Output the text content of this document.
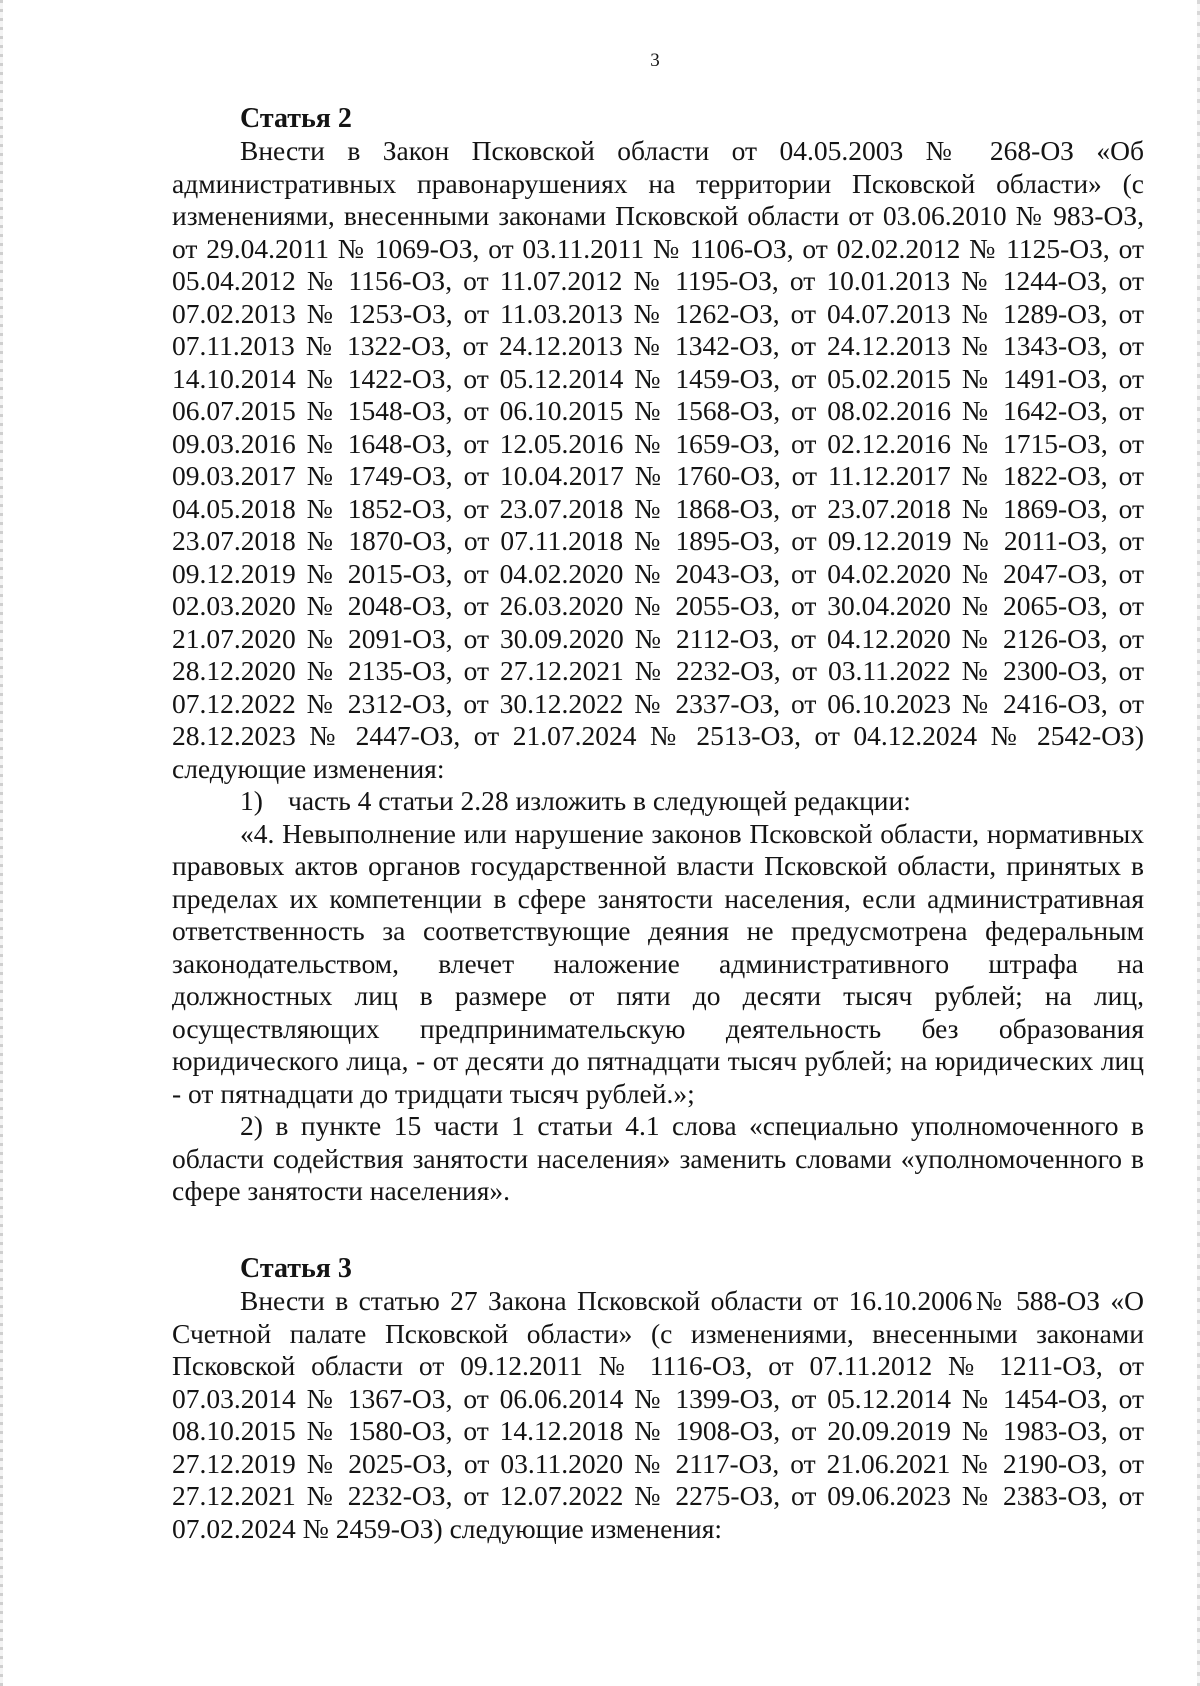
3
Статья 2

Внести в Закон Псковской области от 04.05.2003 № 268-ОЗ «Об административных правонарушениях на территории Псковской области» (с изменениями, внесенными законами Псковской области от 03.06.2010 № 983-ОЗ, от 29.04.2011 № 1069-ОЗ, от 03.11.2011 № 1106-ОЗ, от 02.02.2012 № 1125-ОЗ, от 05.04.2012 № 1156-ОЗ, от 11.07.2012 № 1195-ОЗ, от 10.01.2013 № 1244-ОЗ, от 07.02.2013 № 1253-ОЗ, от 11.03.2013 № 1262-ОЗ, от 04.07.2013 № 1289-ОЗ, от 07.11.2013 № 1322-ОЗ, от 24.12.2013 № 1342-ОЗ, от 24.12.2013 № 1343-ОЗ, от 14.10.2014 № 1422-ОЗ, от 05.12.2014 № 1459-ОЗ, от 05.02.2015 № 1491-ОЗ, от 06.07.2015 № 1548-ОЗ, от 06.10.2015 № 1568-ОЗ, от 08.02.2016 № 1642-ОЗ, от 09.03.2016 № 1648-ОЗ, от 12.05.2016 № 1659-ОЗ, от 02.12.2016 № 1715-ОЗ, от 09.03.2017 № 1749-ОЗ, от 10.04.2017 № 1760-ОЗ, от 11.12.2017 № 1822-ОЗ, от 04.05.2018 № 1852-ОЗ, от 23.07.2018 № 1868-ОЗ, от 23.07.2018 № 1869-ОЗ, от 23.07.2018 № 1870-ОЗ, от 07.11.2018 № 1895-ОЗ, от 09.12.2019 № 2011-ОЗ, от 09.12.2019 № 2015-ОЗ, от 04.02.2020 № 2043-ОЗ, от 04.02.2020 № 2047-ОЗ, от 02.03.2020 № 2048-ОЗ, от 26.03.2020 № 2055-ОЗ, от 30.04.2020 № 2065-ОЗ, от 21.07.2020 № 2091-ОЗ, от 30.09.2020 № 2112-ОЗ, от 04.12.2020 № 2126-ОЗ, от 28.12.2020 № 2135-ОЗ, от 27.12.2021 № 2232-ОЗ, от 03.11.2022 № 2300-ОЗ, от 07.12.2022 № 2312-ОЗ, от 30.12.2022 № 2337-ОЗ, от 06.10.2023 № 2416-ОЗ, от 28.12.2023 № 2447-ОЗ, от 21.07.2024 № 2513-ОЗ, от 04.12.2024 № 2542-ОЗ) следующие изменения:

1) часть 4 статьи 2.28 изложить в следующей редакции:

«4. Невыполнение или нарушение законов Псковской области, нормативных правовых актов органов государственной власти Псковской области, принятых в пределах их компетенции в сфере занятости населения, если административная ответственность за соответствующие деяния не предусмотрена федеральным законодательством, влечет наложение административного штрафа на должностных лиц в размере от пяти до десяти тысяч рублей; на лиц, осуществляющих предпринимательскую деятельность без образования юридического лица, - от десяти до пятнадцати тысяч рублей; на юридических лиц - от пятнадцати до тридцати тысяч рублей.»;

2) в пункте 15 части 1 статьи 4.1 слова «специально уполномоченного в области содействия занятости населения» заменить словами «уполномоченного в сфере занятости населения».

Статья 3

Внести в статью 27 Закона Псковской области от 16.10.2006№ 588-ОЗ «О Счетной палате Псковской области» (с изменениями, внесенными законами Псковской области от 09.12.2011 № 1116-ОЗ, от 07.11.2012 № 1211-ОЗ, от 07.03.2014 № 1367-ОЗ, от 06.06.2014 № 1399-ОЗ, от 05.12.2014 № 1454-ОЗ, от 08.10.2015 № 1580-ОЗ, от 14.12.2018 № 1908-ОЗ, от 20.09.2019 № 1983-ОЗ, от 27.12.2019 № 2025-ОЗ, от 03.11.2020 № 2117-ОЗ, от 21.06.2021 № 2190-ОЗ, от 27.12.2021 № 2232-ОЗ, от 12.07.2022 № 2275-ОЗ, от 09.06.2023 № 2383-ОЗ, от 07.02.2024 № 2459-ОЗ) следующие изменения:
